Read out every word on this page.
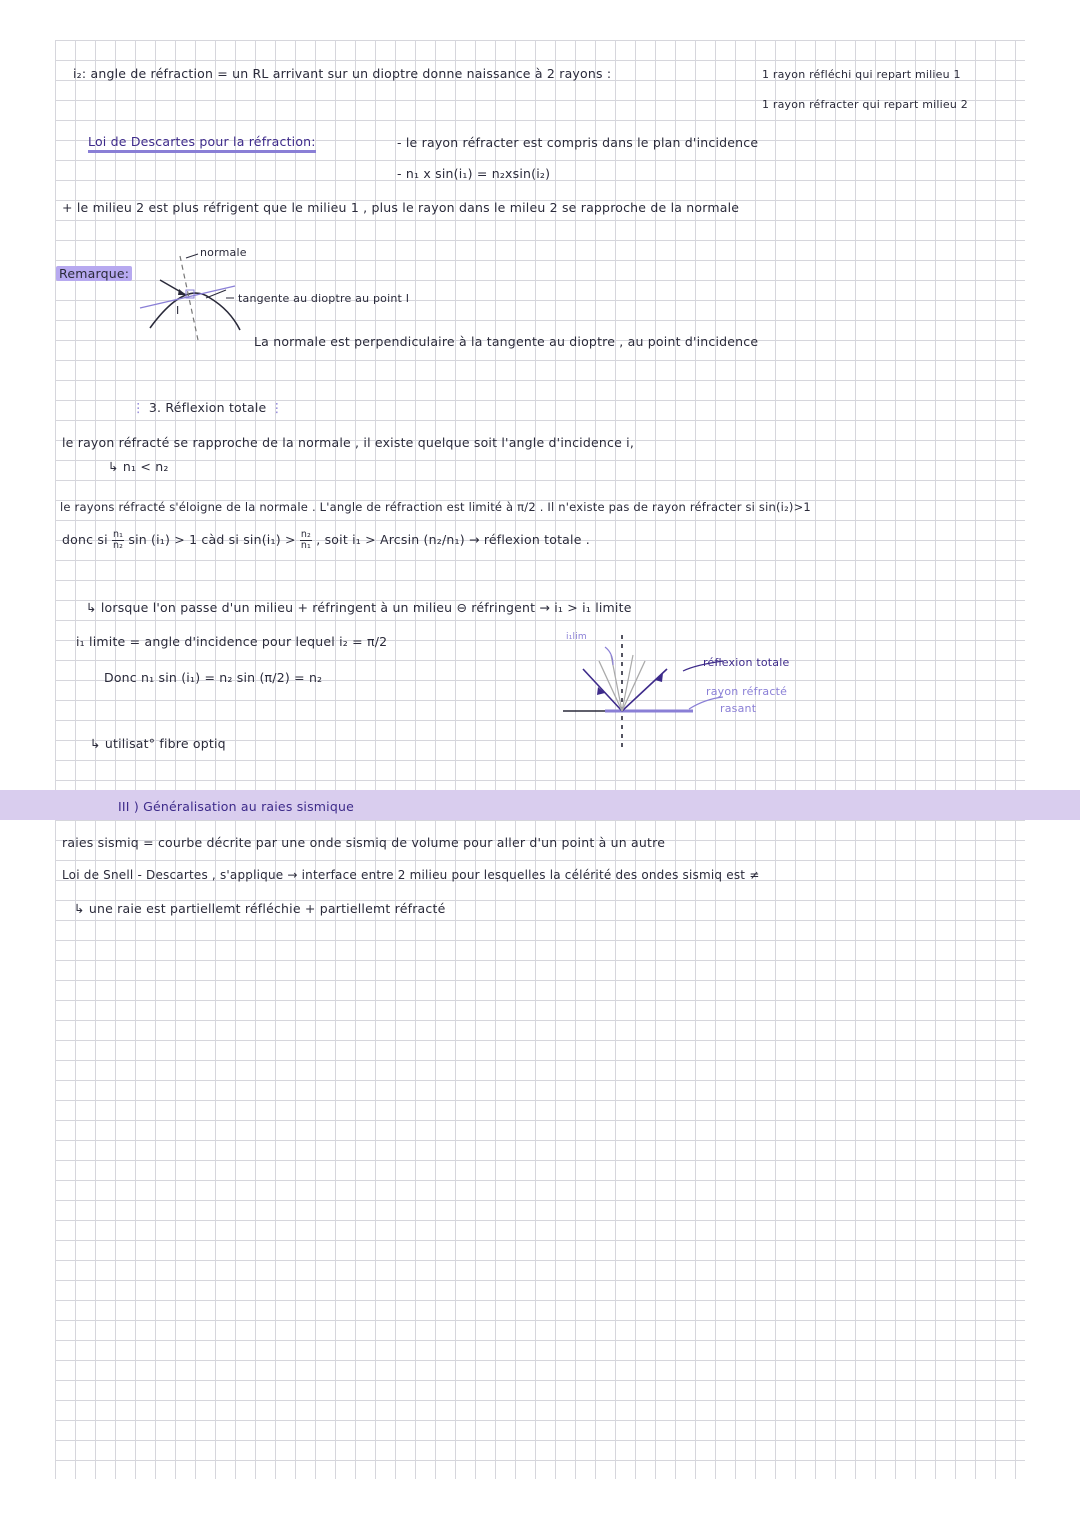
i₂: angle de réfraction = un RL arrivant sur un dioptre donne naissance à 2 rayons :	1 rayon réfléchi qui repart milieu 1
1 rayon réfracter qui repart milieu 2
Loi de Descartes pour la réfraction:	- le rayon réfracter est compris dans le plan d'incidence
- n₁ x sin(i₁) = n₂xsin(i₂)
+ le milieu 2 est plus réfrigent que le milieu 1 , plus le rayon dans le mileu 2 se rapproche de la normale
Remarque:
normale
tangente au dioptre au point I
I
La normale est perpendiculaire à la tangente au dioptre , au point d'incidence
⋮ 3. Réflexion totale ⋮
le rayon réfracté se rapproche de la normale , il existe quelque soit l'angle d'incidence i,
↳ n₁ < n₂
le rayons réfracté s'éloigne de la normale . L'angle de réfraction est limité à π/2 . Il n'existe pas de rayon réfracter si sin(i₂)>1
donc si $\frac{\text{n₁}}{\text{n₂}}$ sin (i₁) > 1 càd si $\sin(i_1) > \frac{\text{n₂}}{\text{n₁}}$ , soit i₁ > Arcsin (n₂/n₁) → réflexion totale .
↳ lorsque l'on passe d'un milieu + réfringent à un milieu ⊖ réfringent → i₁ > i₁ limite
i₁ limite = angle d'incidence pour lequel i₂ = π/2
Donc n₁ sin (i₁) = n₂ sin (π/2) = n₂
↳ utilisat° fibre optiq
i₁lim
réflexion totale
rayon réfracté
rasant
III ) Généralisation au raies sismique
raies sismiq = courbe décrite par une onde sismiq de volume pour aller d'un point à un autre
Loi de Snell - Descartes , s'applique → interface entre 2 milieu pour lesquelles la célérité des ondes sismiq est ≠
↳ une raie est partiellemt réfléchie + partiellemt réfracté
